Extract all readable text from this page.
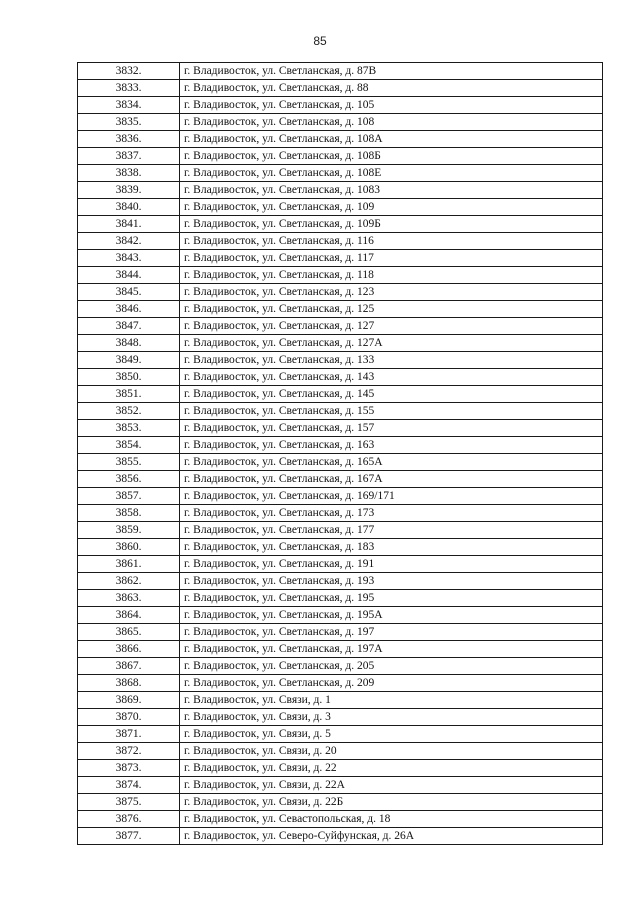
85
3832.	г. Владивосток, ул. Светланская, д. 87В
3833.	г. Владивосток, ул. Светланская, д. 88
3834.	г. Владивосток, ул. Светланская, д. 105
3835.	г. Владивосток, ул. Светланская, д. 108
3836.	г. Владивосток, ул. Светланская, д. 108А
3837.	г. Владивосток, ул. Светланская, д. 108Б
3838.	г. Владивосток, ул. Светланская, д. 108Е
3839.	г. Владивосток, ул. Светланская, д. 1083
3840.	г. Владивосток, ул. Светланская, д. 109
3841.	г. Владивосток, ул. Светланская, д. 109Б
3842.	г. Владивосток, ул. Светланская, д. 116
3843.	г. Владивосток, ул. Светланская, д. 117
3844.	г. Владивосток, ул. Светланская, д. 118
3845.	г. Владивосток, ул. Светланская, д. 123
3846.	г. Владивосток, ул. Светланская, д. 125
3847.	г. Владивосток, ул. Светланская, д. 127
3848.	г. Владивосток, ул. Светланская, д. 127А
3849.	г. Владивосток, ул. Светланская, д. 133
3850.	г. Владивосток, ул. Светланская, д. 143
3851.	г. Владивосток, ул. Светланская, д. 145
3852.	г. Владивосток, ул. Светланская, д. 155
3853.	г. Владивосток, ул. Светланская, д. 157
3854.	г. Владивосток, ул. Светланская, д. 163
3855.	г. Владивосток, ул. Светланская, д. 165А
3856.	г. Владивосток, ул. Светланская, д. 167А
3857.	г. Владивосток, ул. Светланская, д. 169/171
3858.	г. Владивосток, ул. Светланская, д. 173
3859.	г. Владивосток, ул. Светланская, д. 177
3860.	г. Владивосток, ул. Светланская, д. 183
3861.	г. Владивосток, ул. Светланская, д. 191
3862.	г. Владивосток, ул. Светланская, д. 193
3863.	г. Владивосток, ул. Светланская, д. 195
3864.	г. Владивосток, ул. Светланская, д. 195А
3865.	г. Владивосток, ул. Светланская, д. 197
3866.	г. Владивосток, ул. Светланская, д. 197А
3867.	г. Владивосток, ул. Светланская, д. 205
3868.	г. Владивосток, ул. Светланская, д. 209
3869.	г. Владивосток, ул. Связи, д. 1
3870.	г. Владивосток, ул. Связи, д. 3
3871.	г. Владивосток, ул. Связи, д. 5
3872.	г. Владивосток, ул. Связи, д. 20
3873.	г. Владивосток, ул. Связи, д. 22
3874.	г. Владивосток, ул. Связи, д. 22А
3875.	г. Владивосток, ул. Связи, д. 22Б
3876.	г. Владивосток, ул. Севастопольская, д. 18
3877.	г. Владивосток, ул. Северо-Суйфунская, д. 26А
